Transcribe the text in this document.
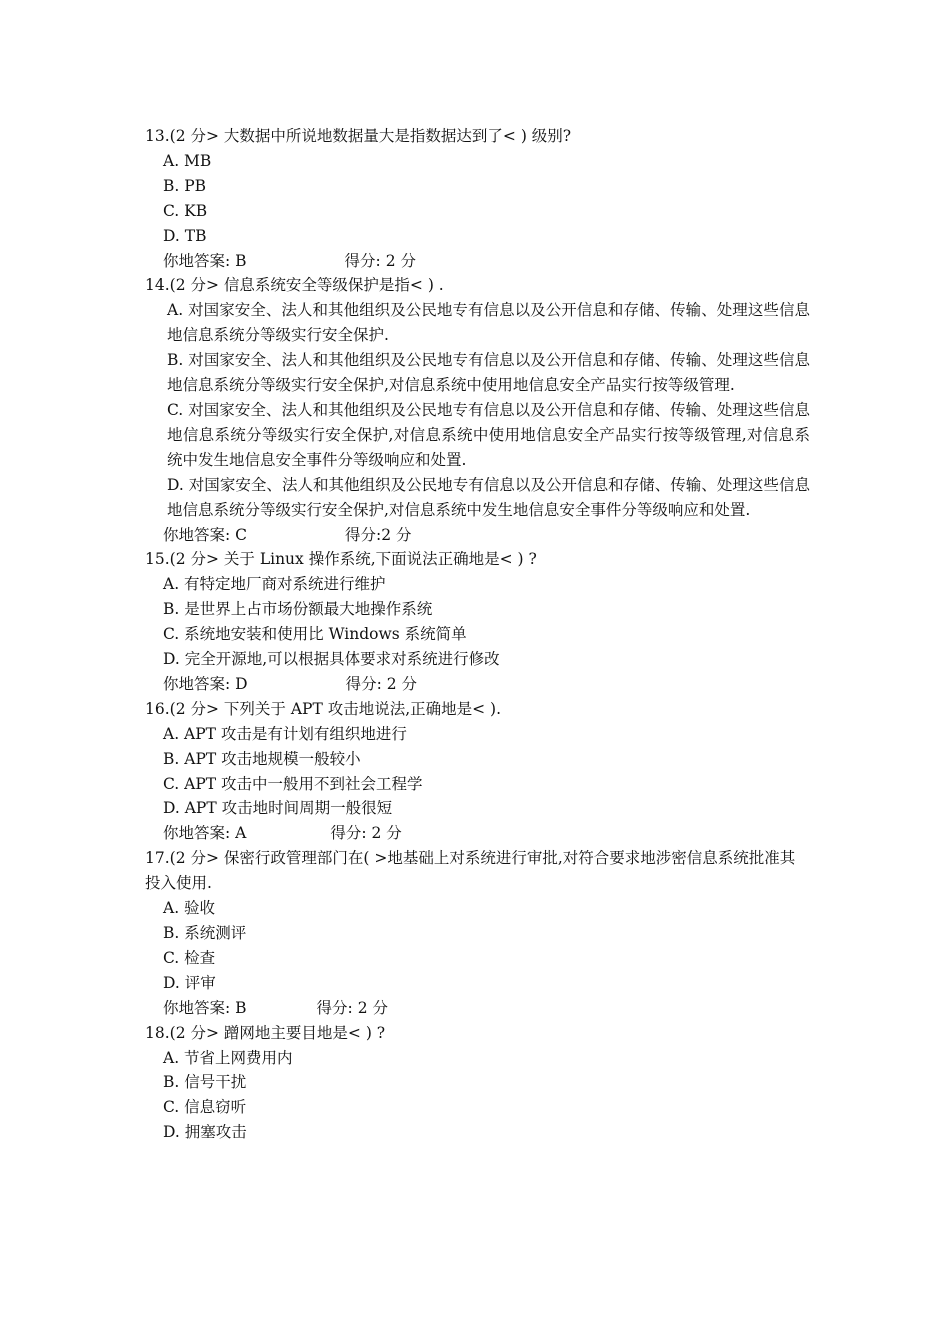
13.(2 分> 大数据中所说地数据量大是指数据达到了< ) 级别?
A. MB
B. PB
C. KB
D. TB
你地答案: B	得分: 2 分
14.(2 分> 信息系统安全等级保护是指< ) .
A. 对国家安全、法人和其他组织及公民地专有信息以及公开信息和存储、传输、处理这些信息地信息系统分等级实行安全保护.
B. 对国家安全、法人和其他组织及公民地专有信息以及公开信息和存储、传输、处理这些信息地信息系统分等级实行安全保护,对信息系统中使用地信息安全产品实行按等级管理.
C. 对国家安全、法人和其他组织及公民地专有信息以及公开信息和存储、传输、处理这些信息地信息系统分等级实行安全保护,对信息系统中使用地信息安全产品实行按等级管理,对信息系统中发生地信息安全事件分等级响应和处置.
D. 对国家安全、法人和其他组织及公民地专有信息以及公开信息和存储、传输、处理这些信息地信息系统分等级实行安全保护,对信息系统中发生地信息安全事件分等级响应和处置.
你地答案: C	得分:2 分
15.(2 分> 关于 Linux 操作系统,下面说法正确地是< ) ?
A. 有特定地厂商对系统进行维护
B. 是世界上占市场份额最大地操作系统
C. 系统地安装和使用比 Windows 系统简单
D. 完全开源地,可以根据具体要求对系统进行修改
你地答案: D	得分: 2 分
16.(2 分> 下列关于 APT 攻击地说法,正确地是< ).
A. APT 攻击是有计划有组织地进行
B. APT 攻击地规模一般较小
C. APT 攻击中一般用不到社会工程学
D. APT 攻击地时间周期一般很短
你地答案: A	得分: 2 分
17.(2 分> 保密行政管理部门在( >地基础上对系统进行审批,对符合要求地涉密信息系统批准其投入使用.
A. 验收
B. 系统测评
C. 检查
D. 评审
你地答案: B	得分: 2 分
18.(2 分> 蹭网地主要目地是< ) ?
A. 节省上网费用内
B. 信号干扰
C. 信息窃听
D. 拥塞攻击
